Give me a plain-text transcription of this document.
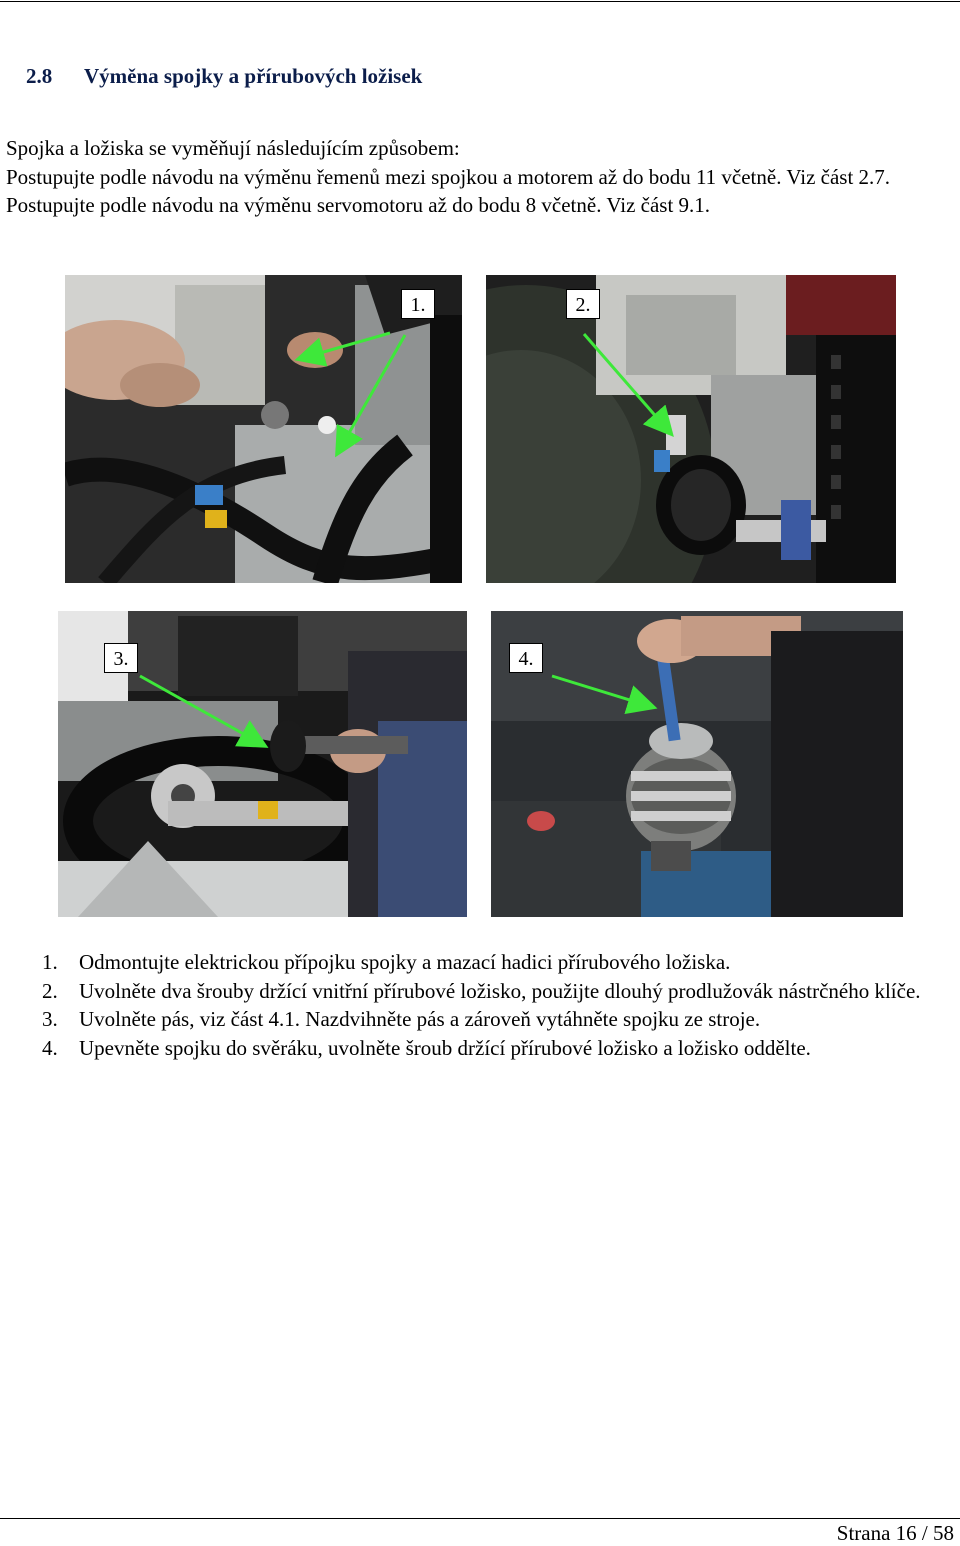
2.8 Výměna spojky a přírubových ložisek

Spojka a ložiska se vyměňují následujícím způsobem:

Postupujte podle návodu na výměnu řemenů mezi spojkou a motorem až do bodu 11 včetně. Viz část 2.7.

Postupujte podle návodu na výměnu servomotoru až do bodu 8 včetně. Viz část 9.1.

1.	2.
3.	4.
1. Odmontujte elektrickou přípojku spojky a mazací hadici přírubového ložiska.
2. Uvolněte dva šrouby držící vnitřní přírubové ložisko, použijte dlouhý prodlužovák nástrčného klíče.
3. Uvolněte pás, viz část 4.1. Nazdvihněte pás a zároveň vytáhněte spojku ze stroje.
4. Upevněte spojku do svěráku, uvolněte šroub držící přírubové ložisko a ložisko oddělte.
Strana 16 / 58
